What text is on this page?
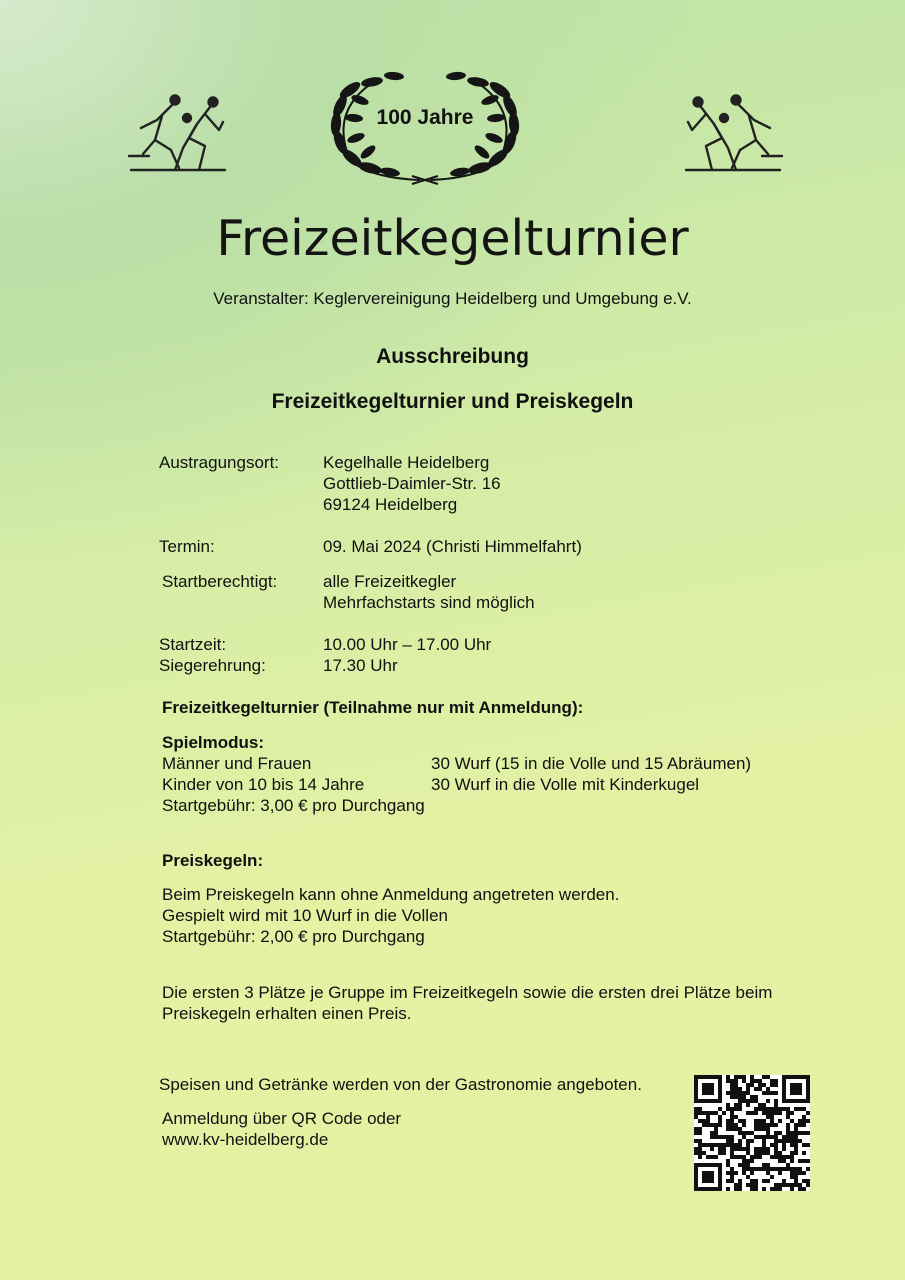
100 Jahre
Freizeitkegelturnier
Veranstalter: Keglervereinigung Heidelberg und Umgebung e.V.
Ausschreibung
Freizeitkegelturnier und Preiskegeln
Austragungsort:	Kegelhalle Heidelberg
Gottlieb-Daimler-Str. 16
69124 Heidelberg
Termin:	09. Mai 2024 (Christi Himmelfahrt)
Startberechtigt:	alle Freizeitkegler
Mehrfachstarts sind möglich
Startzeit:	10.00 Uhr – 17.00 Uhr
Siegerehrung:	17.30 Uhr
Freizeitkegelturnier (Teilnahme nur mit Anmeldung):
Spielmodus:
Männer und Frauen	30 Wurf (15 in die Volle und 15 Abräumen)
Kinder von 10 bis 14 Jahre	30 Wurf in die Volle mit Kinderkugel
Startgebühr: 3,00 € pro Durchgang
Preiskegeln:
Beim Preiskegeln kann ohne Anmeldung angetreten werden.
Gespielt wird mit 10 Wurf in die Vollen
Startgebühr: 2,00 € pro Durchgang
Die ersten 3 Plätze je Gruppe im Freizeitkegeln sowie die ersten drei Plätze beim
Preiskegeln erhalten einen Preis.
Speisen und Getränke werden von der Gastronomie angeboten.
Anmeldung über QR Code oder
www.kv-heidelberg.de
